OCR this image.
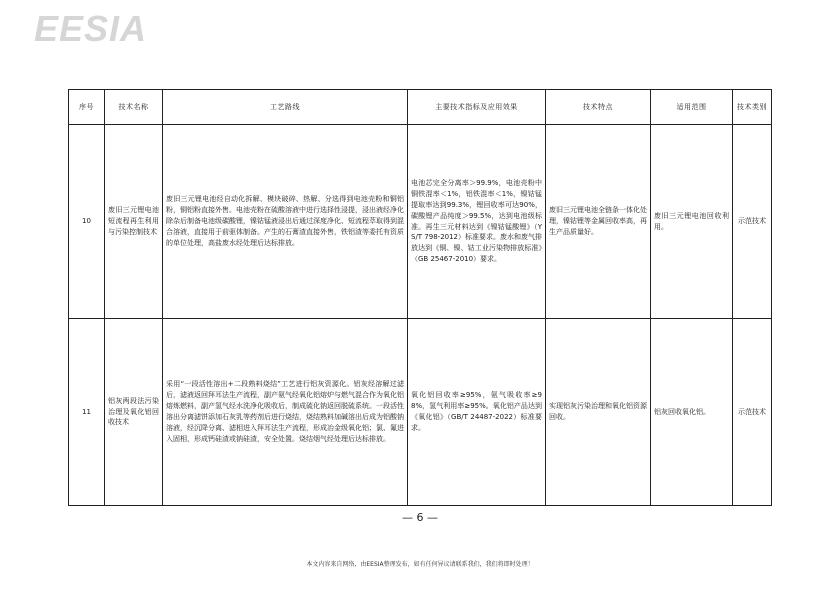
EESIA
序号	技术名称	工艺路线	主要技术指标及应用效果	技术特点	适用范围	技术类别
10	废旧三元锂电池短流程再生利用与污染控制技术	废旧三元锂电池经自动化拆解、模块破碎、热解、分选得到电池壳粉和铜铝粉，铜铝粉直接外售。电池壳粉在硫酸溶液中进行选择性浸提，浸出液经净化除杂后制备电池级碳酸锂，镍钴锰液浸出后通过深度净化、短流程萃取得到混合溶液，直接用于前驱体制备。产生的石膏渣直接外售，铁铝渣等委托有资质的单位处理，高盐废水经处理后达标排放。	电池芯完全分离率＞99.9%，电池壳粉中铜铁混率＜1%，铝铁混率＜1%，镍钴锰提取率达到99.3%，锂回收率可达90%，碳酸锂产品纯度＞99.5%，达到电池级标准。再生三元材料达到《镍钴锰酸锂》（YS/T 798-2012）标准要求。废水和废气排放达到《铜、镍、钴工业污染物排放标准》（GB 25467-2010）要求。	废旧三元锂电池全链条一体化处理，镍钴锂等金属回收率高，再生产品质量好。	废旧三元锂电池回收利用。	示范技术
11	铝灰两段法污染治理及氧化铝回收技术	采用“一段活性溶出+二段熟料烧结”工艺进行铝灰资源化。铝灰经溶解过滤后，滤液返回拜耳法生产流程，副产氨气经氧化铝熔炉与燃气混合作为氧化铝熔炼燃料，副产氢气经水洗净化吸收后，制成硫化钠返回脱硫系统。一段活性溶出分离滤饼添加石灰乳等药剂后进行烧结，烧结熟料加碱溶出后成为铝酸钠溶液，经沉降分离、滤相进入拜耳法生产流程，形成冶金级氧化铝；氯、氟进入固相，形成钙硅渣或钠硅渣，安全处置。烧结烟气经处理后达标排放。	氧化铝回收率≥95%，氨气吸收率≥98%，氢气利用率≥95%。氧化铝产品达到《氧化铝》（GB/T 24487-2022）标准要求。	实现铝灰污染治理和氧化铝资源回收。	铝灰回收氧化铝。	示范技术
— 6 —
本文内容来自网络，由EESIA整理发布，如有任何异议请联系我们，我们将即时处理！
